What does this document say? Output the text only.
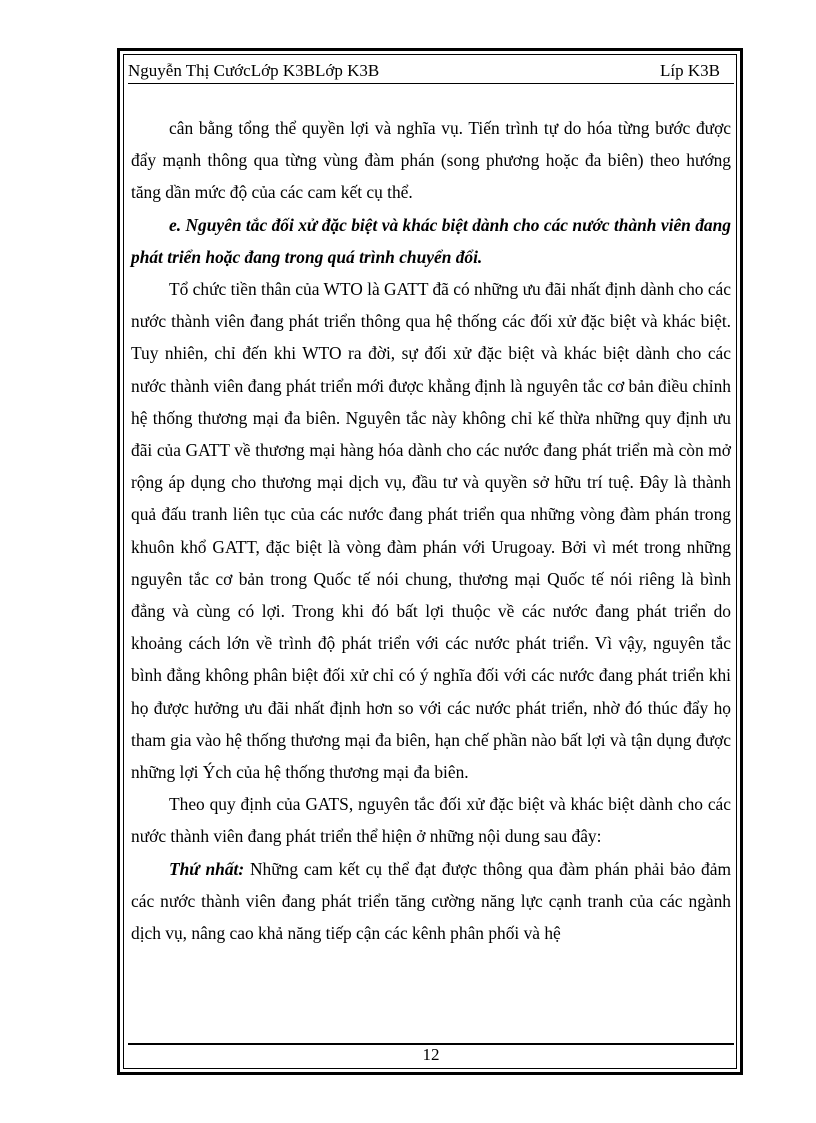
Nguyễn Thị CướcLớp K3BLớp K3B	Líp K3B

cân bằng tổng thể quyền lợi và nghĩa vụ. Tiến trình tự do hóa từng bước được đẩy mạnh thông qua từng vùng đàm phán (song phương hoặc đa biên) theo hướng tăng dần mức độ của các cam kết cụ thể.

e. Nguyên tắc đối xử đặc biệt và khác biệt dành cho các nước thành viên đang phát triển hoặc đang trong quá trình chuyển đổi.

Tổ chức tiền thân của WTO là GATT đã có những ưu đãi nhất định dành cho các nước thành viên đang phát triển thông qua hệ thống các đối xử đặc biệt và khác biệt. Tuy nhiên, chỉ đến khi WTO ra đời, sự đối xử đặc biệt và khác biệt dành cho các nước thành viên đang phát triển mới được khẳng định là nguyên tắc cơ bản điều chỉnh hệ thống thương mại đa biên. Nguyên tắc này không chỉ kế thừa những quy định ưu đãi của GATT về thương mại hàng hóa dành cho các nước đang phát triển mà còn mở rộng áp dụng cho thương mại dịch vụ, đầu tư và quyền sở hữu trí tuệ. Đây là thành quả đấu tranh liên tục của các nước đang phát triển qua những vòng đàm phán trong khuôn khổ GATT, đặc biệt là vòng đàm phán với Urugoay. Bởi vì mét trong những nguyên tắc cơ bản trong Quốc tế nói chung, thương mại Quốc tế nói riêng là bình đẳng và cùng có lợi. Trong khi đó bất lợi thuộc về các nước đang phát triển do khoảng cách lớn về trình độ phát triển với các nước phát triển. Vì vậy, nguyên tắc bình đẳng không phân biệt đối xử chỉ có ý nghĩa đối với các nước đang phát triển khi họ được hưởng ưu đãi nhất định hơn so với các nước phát triển, nhờ đó thúc đẩy họ tham gia vào hệ thống thương mại đa biên, hạn chế phần nào bất lợi và tận dụng được những lợi Ých của hệ thống thương mại đa biên.

Theo quy định của GATS, nguyên tắc đối xử đặc biệt và khác biệt dành cho các nước thành viên đang phát triển thể hiện ở những nội dung sau đây:

Thứ nhất: Những cam kết cụ thể đạt được thông qua đàm phán phải bảo đảm các nước thành viên đang phát triển tăng cường năng lực cạnh tranh của các ngành dịch vụ, nâng cao khả năng tiếp cận các kênh phân phối và hệ

12
